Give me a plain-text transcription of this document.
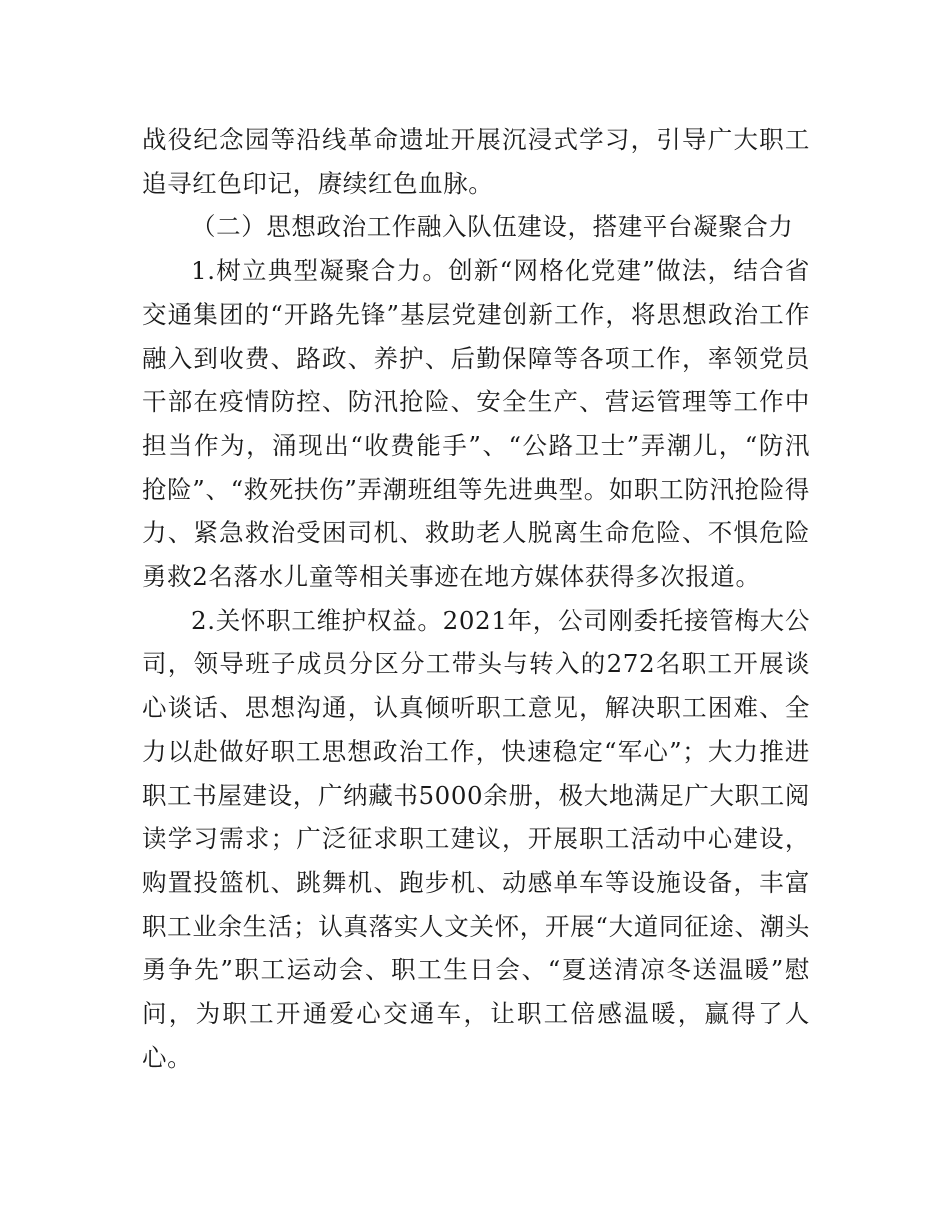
战役纪念园等沿线革命遗址开展沉浸式学习，引导广大职工追寻红色印记，赓续红色血脉。

（二）思想政治工作融入队伍建设，搭建平台凝聚合力

1.树立典型凝聚合力。创新“网格化党建”做法，结合省交通集团的“开路先锋”基层党建创新工作，将思想政治工作融入到收费、路政、养护、后勤保障等各项工作，率领党员干部在疫情防控、防汛抢险、安全生产、营运管理等工作中担当作为，涌现出“收费能手”、“公路卫士”弄潮儿，“防汛抢险”、“救死扶伤”弄潮班组等先进典型。如职工防汛抢险得力、紧急救治受困司机、救助老人脱离生命危险、不惧危险勇救2名落水儿童等相关事迹在地方媒体获得多次报道。

2.关怀职工维护权益。2021年，公司刚委托接管梅大公司，领导班子成员分区分工带头与转入的272名职工开展谈心谈话、思想沟通，认真倾听职工意见，解决职工困难、全力以赴做好职工思想政治工作，快速稳定“军心”；大力推进职工书屋建设，广纳藏书5000余册，极大地满足广大职工阅读学习需求；广泛征求职工建议，开展职工活动中心建设，购置投篮机、跳舞机、跑步机、动感单车等设施设备，丰富职工业余生活；认真落实人文关怀，开展“大道同征途、潮头勇争先”职工运动会、职工生日会、“夏送清凉冬送温暖”慰问，为职工开通爱心交通车，让职工倍感温暖，赢得了人心。
